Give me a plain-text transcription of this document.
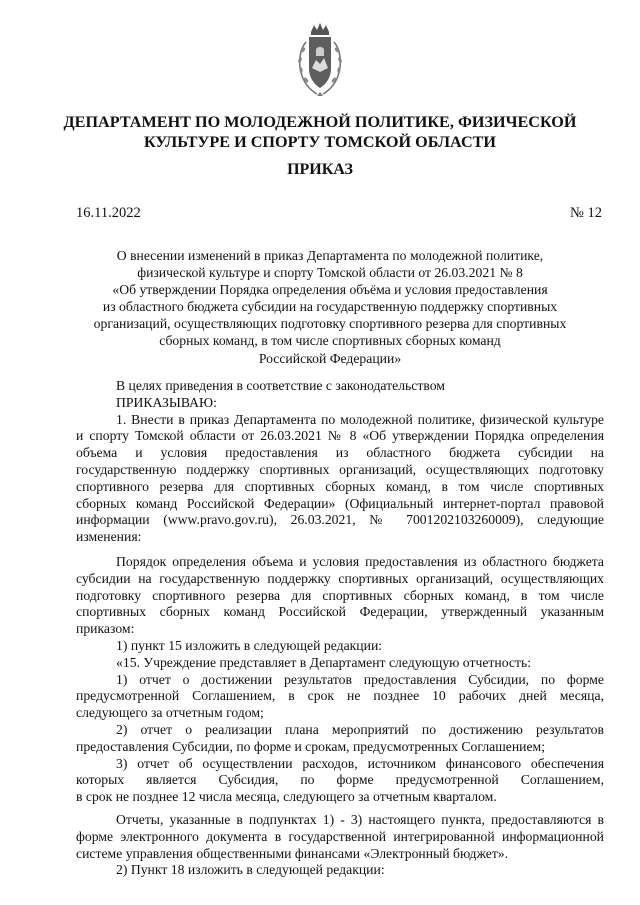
ДЕПАРТАМЕНТ ПО МОЛОДЕЖНОЙ ПОЛИТИКЕ, ФИЗИЧЕСКОЙ
КУЛЬТУРЕ И СПОРТУ ТОМСКОЙ ОБЛАСТИ
ПРИКАЗ
16.11.2022	№ 12
О внесении изменений в приказ Департамента по молодежной политике,
физической культуре и спорту Томской области от 26.03.2021 № 8
«Об утверждении Порядка определения объёма и условия предоставления
из областного бюджета субсидии на государственную поддержку спортивных
организаций, осуществляющих подготовку спортивного резерва для спортивных
сборных команд, в том числе спортивных сборных команд
Российской Федерации»

В целях приведения в соответствие с законодательством

ПРИКАЗЫВАЮ:

1. Внести в приказ Департамента по молодежной политике, физической культуре
и спорту Томской области от 26.03.2021 № 8 «Об утверждении Порядка определения
объема и условия предоставления из областного бюджета субсидии на
государственную поддержку спортивных организаций, осуществляющих подготовку
спортивного резерва для спортивных сборных команд, в том числе спортивных
сборных команд Российской Федерации» (Официальный интернет-портал правовой
информации (www.pravo.gov.ru), 26.03.2021, № 7001202103260009), следующие
изменения:
Порядок определения объема и условия предоставления из областного бюджета
субсидии на государственную поддержку спортивных организаций, осуществляющих
подготовку спортивного резерва для спортивных сборных команд, в том числе
спортивных сборных команд Российской Федерации, утвержденный указанным
приказом:

1) пункт 15 изложить в следующей редакции:

«15. Учреждение представляет в Департамент следующую отчетность:

1) отчет о достижении результатов предоставления Субсидии, по форме
предусмотренной Соглашением, в срок не позднее 10 рабочих дней месяца,
следующего за отчетным годом;
2) отчет о реализации плана мероприятий по достижению результатов
предоставления Субсидии, по форме и срокам, предусмотренных Соглашением;
3) отчет об осуществлении расходов, источником финансового обеспечения
которых является Субсидия, по форме предусмотренной Соглашением,
в срок не позднее 12 числа месяца, следующего за отчетным кварталом.
Отчеты, указанные в подпунктах 1) - 3) настоящего пункта, предоставляются в
форме электронного документа в государственной интегрированной информационной
системе управления общественными финансами «Электронный бюджет».

2) Пункт 18 изложить в следующей редакции:
